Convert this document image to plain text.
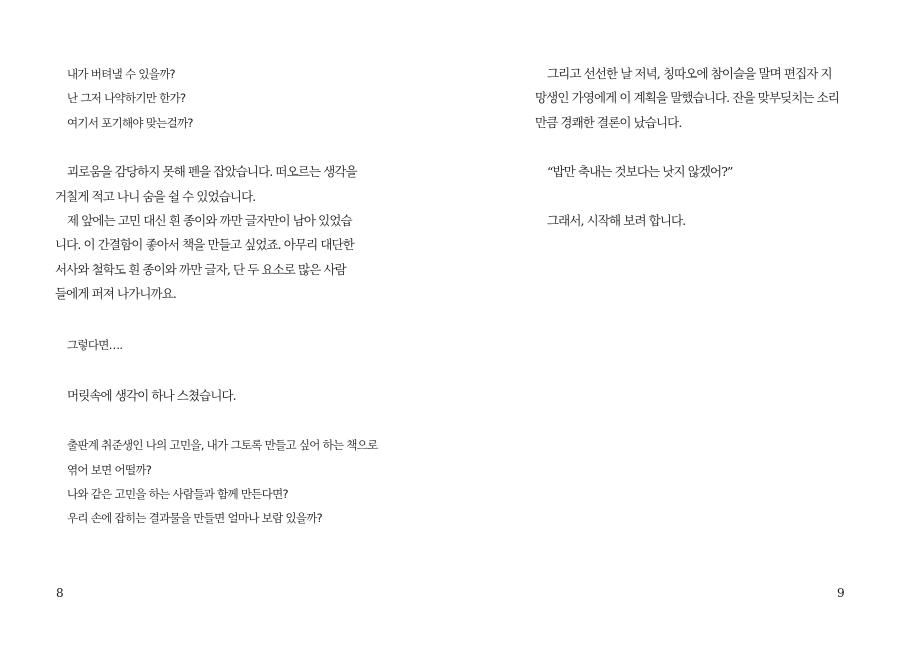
내가 버텨낼 수 있을까?
난 그저 나약하기만 한가?
여기서 포기해야 맞는걸까?
괴로움을 감당하지 못해 펜을 잡았습니다. 떠오르는 생각을
거칠게 적고 나니 숨을 쉴 수 있었습니다.
제 앞에는 고민 대신 흰 종이와 까만 글자만이 남아 있었습
니다. 이 간결함이 좋아서 책을 만들고 싶었죠. 아무리 대단한
서사와 철학도 흰 종이와 까만 글자, 단 두 요소로 많은 사람
들에게 퍼져 나가니까요.
그렇다면….
머릿속에 생각이 하나 스쳤습니다.
출판계 취준생인 나의 고민을, 내가 그토록 만들고 싶어 하는 책으로
엮어 보면 어떨까?
나와 같은 고민을 하는 사람들과 함께 만든다면?
우리 손에 잡히는 결과물을 만들면 얼마나 보람 있을까?
8
그리고 선선한 날 저녁, 칭따오에 참이슬을 말며 편집자 지
망생인 가영에게 이 계획을 말했습니다. 잔을 맞부딪치는 소리
만큼 경쾌한 결론이 났습니다.
“밥만 축내는 것보다는 낫지 않겠어?”
그래서, 시작해 보려 합니다.
9
